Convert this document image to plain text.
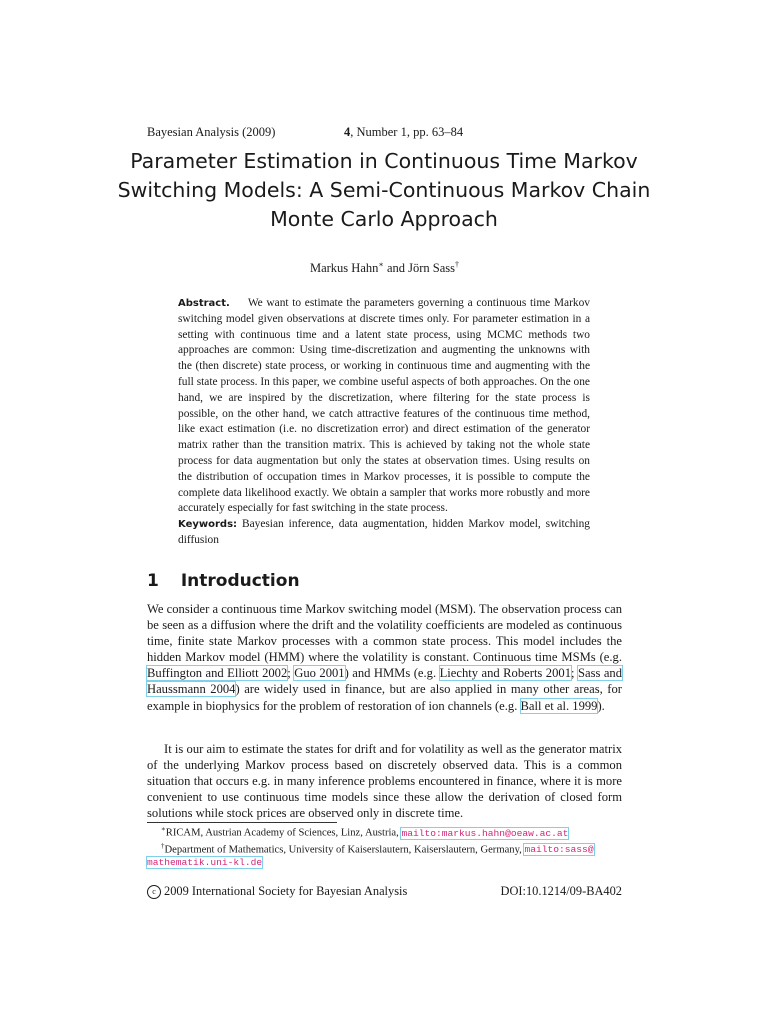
Bayesian Analysis (2009)	4, Number 1, pp. 63–84
Parameter Estimation in Continuous Time Markov Switching Models: A Semi-Continuous Markov Chain Monte Carlo Approach
Markus Hahn∗ and Jörn Sass†
Abstract. We want to estimate the parameters governing a continuous time Markov switching model given observations at discrete times only. For parameter estimation in a setting with continuous time and a latent state process, using MCMC methods two approaches are common: Using time-discretization and augmenting the unknowns with the (then discrete) state process, or working in continuous time and augmenting with the full state process. In this paper, we combine useful aspects of both approaches. On the one hand, we are inspired by the discretization, where filtering for the state process is possible, on the other hand, we catch attractive features of the continuous time method, like exact estimation (i.e. no discretization error) and direct estimation of the generator matrix rather than the transition matrix. This is achieved by taking not the whole state process for data augmentation but only the states at observation times. Using results on the distribution of occupation times in Markov processes, it is possible to compute the complete data likelihood exactly. We obtain a sampler that works more robustly and more accurately especially for fast switching in the state process.
Keywords: Bayesian inference, data augmentation, hidden Markov model, switching diffusion
1 Introduction
We consider a continuous time Markov switching model (MSM). The observation process can be seen as a diffusion where the drift and the volatility coefficients are modeled as continuous time, finite state Markov processes with a common state process. This model includes the hidden Markov model (HMM) where the volatility is constant. Continuous time MSMs (e.g. Buffington and Elliott 2002; Guo 2001) and HMMs (e.g. Liechty and Roberts 2001; Sass and Haussmann 2004) are widely used in finance, but are also applied in many other areas, for example in biophysics for the problem of restoration of ion channels (e.g. Ball et al. 1999).
It is our aim to estimate the states for drift and for volatility as well as the generator matrix of the underlying Markov process based on discretely observed data. This is a common situation that occurs e.g. in many inference problems encountered in finance, where it is more convenient to use continuous time models since these allow the derivation of closed form solutions while stock prices are observed only in discrete time.
∗RICAM, Austrian Academy of Sciences, Linz, Austria, mailto:markus.hahn@oeaw.ac.at
†Department of Mathematics, University of Kaiserslautern, Kaiserslautern, Germany, mailto:sass@
mathematik.uni-kl.de
c 2009 International Society for Bayesian Analysis	DOI:10.1214/09-BA402
